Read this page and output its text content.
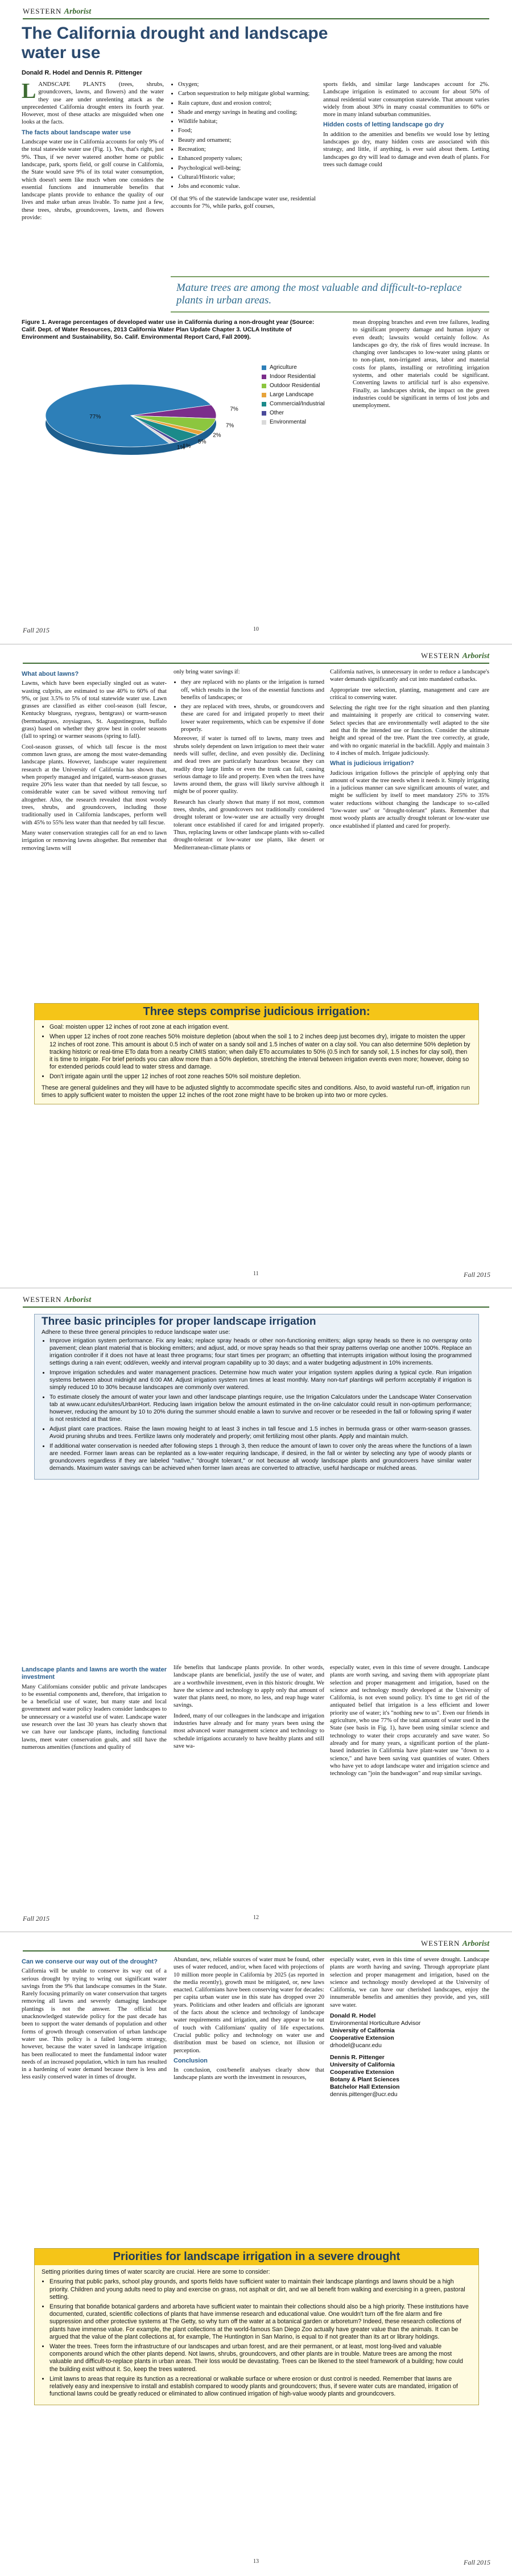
WESTERN Arborist
The California drought and landscape water use
Donald R. Hodel and Dennis R. Pittenger

LANDSCAPE PLANTS (trees, shrubs, groundcovers, lawns, and flowers) and the water they use are under unrelenting attack as the unprecedented California drought enters its fourth year. However, most of these attacks are misguided when one looks at the facts.

The facts about landscape water use

Landscape water use in California accounts for only 9% of the total statewide water use (Fig. 1). Yes, that's right, just 9%. Thus, if we never watered another home or public landscape, park, sports field, or golf course in California, the State would save 9% of its total water consumption, which doesn't seem like much when one considers the essential functions and innumerable benefits that landscape plants provide to enhance the quality of our lives and make urban areas livable. To name just a few, these trees, shrubs, groundcovers, lawns, and flowers provide:

• Oxygen;
• Carbon sequestration to help mitigate global warming;
• Rain capture, dust and erosion control;
• Shade and energy savings in heating and cooling;
• Wildlife habitat;
• Food;
• Beauty and ornament;
• Recreation;
• Enhanced property values;
• Psychological well-being;
• Cultural/Historic value;
• Jobs and economic value.

Of that 9% of the statewide landscape water use, residential accounts for 7%, while parks, golf courses,

sports fields, and similar large landscapes account for 2%. Landscape irrigation is estimated to account for about 50% of annual residential water consumption statewide. That amount varies widely from about 30% in many coastal communities to 60% or more in many inland suburban communities.

Hidden costs of letting landscape go dry

In addition to the amenities and benefits we would lose by letting landscapes go dry, many hidden costs are associated with this strategy, and little, if anything, is ever said about them. Letting landscapes go dry will lead to damage and even death of plants. For trees such damage could

Mature trees are among the most valuable and difficult-to-replace plants in urban areas.
Figure 1. Average percentages of developed water use in California during a non-drought year (Source: Calif. Dept. of Water Resources, 2013 California Water Plan Update Chapter 3. UCLA Institute of Environment and Sustainability, So. Calif. Environmental Report Card, Fall 2009).
77%
7%
7%
2%
5%
1%
1%
Agriculture
Indoor Residential
Outdoor Residential
Large Landscape
Commercial/Industrial
Other
Environmental

mean dropping branches and even tree failures, leading to significant property damage and human injury or even death; lawsuits would certainly follow. As landscapes go dry, the risk of fires would increase. In changing over landscapes to low-water using plants or to non-plant, non-irrigated areas, labor and material costs for plants, installing or retrofitting irrigation systems, and other materials could be significant. Converting lawns to artificial turf is also expensive. Finally, as landscapes shrink, the impact on the green industries could be significant in terms of lost jobs and unemployment.

Fall 2015	10
WESTERN Arborist
What about lawns?

Lawns, which have been especially singled out as water-wasting culprits, are estimated to use 40% to 60% of that 9%, or just 3.5% to 5% of total statewide water use. Lawn grasses are classified as either cool-season (tall fescue, Kentucky bluegrass, ryegrass, bentgrass) or warm-season (bermudagrass, zoysiagrass, St. Augustinegrass, buffalo grass) based on whether they grow best in cooler seasons (fall to spring) or warmer seasons (spring to fall).

Cool-season grasses, of which tall fescue is the most common lawn grass, are among the most water-demanding landscape plants. However, landscape water requirement research at the University of California has shown that, when properly managed and irrigated, warm-season grasses require 20% less water than that needed by tall fescue, so considerable water can be saved without removing turf altogether. Also, the research revealed that most woody trees, shrubs, and groundcovers, including those traditionally used in California landscapes, perform well with 45% to 55% less water than that needed by tall fescue.

Many water conservation strategies call for an end to lawn irrigation or removing lawns altogether. But remember that removing lawns will

only bring water savings if:

• they are replaced with no plants or the irrigation is turned off, which results in the loss of the essential functions and benefits of landscapes; or
• they are replaced with trees, shrubs, or groundcovers and these are cared for and irrigated properly to meet their lower water requirements, which can be expensive if done properly.

Moreover, if water is turned off to lawns, many trees and shrubs solely dependent on lawn irrigation to meet their water needs will suffer, decline, and even possibly die. Declining and dead trees are particularly hazardous because they can readily drop large limbs or even the trunk can fail, causing serious damage to life and property. Even when the trees have lawns around them, the grass will likely survive although it might be of poorer quality.

Research has clearly shown that many if not most, common trees, shrubs, and groundcovers not traditionally considered drought tolerant or low-water use are actually very drought tolerant once established if cared for and irrigated properly. Thus, replacing lawns or other landscape plants with so-called drought-tolerant or low-water use plants, like desert or Mediterranean-climate plants or

California natives, is unnecessary in order to reduce a landscape's water demands significantly and cut into mandated cutbacks.

Appropriate tree selection, planting, management and care are critical to conserving water.

Selecting the right tree for the right situation and then planting and maintaining it properly are critical to conserving water. Select species that are environmentally well adapted to the site and that fit the intended use or function. Consider the ultimate height and spread of the tree. Plant the tree correctly, at grade, and with no organic material in the backfill. Apply and maintain 3 to 4 inches of mulch. Irrigate judiciously.

What is judicious irrigation?

Judicious irrigation follows the principle of applying only that amount of water the tree needs when it needs it. Simply irrigating in a judicious manner can save significant amounts of water, and might be sufficient by itself to meet mandatory 25% to 35% water reductions without changing the landscape to so-called "low-water use" or "drought-tolerant" plants. Remember that most woody plants are actually drought tolerant or low-water use once established if planted and cared for properly.

Three steps comprise judicious irrigation:
• Goal: moisten upper 12 inches of root zone at each irrigation event.
• When upper 12 inches of root zone reaches 50% moisture depletion (about when the soil 1 to 2 inches deep just becomes dry), irrigate to moisten the upper 12 inches of root zone. This amount is about 0.5 inch of water on a sandy soil and 1.5 inches of water on a clay soil. You can also determine 50% depletion by tracking historic or real-time ETo data from a nearby CIMIS station; when daily ETo accumulates to 50% (0.5 inch for sandy soil, 1.5 inches for clay soil), then it is time to irrigate. For brief periods you can allow more than a 50% depletion, stretching the interval between irrigation events even more; however, doing so for extended periods could lead to water stress and damage.
• Don't irrigate again until the upper 12 inches of root zone reaches 50% soil moisture depletion.

These are general guidelines and they will have to be adjusted slightly to accommodate specific sites and conditions. Also, to avoid wasteful run-off, irrigation run times to apply sufficient water to moisten the upper 12 inches of the root zone might have to be broken up into two or more cycles.

11	Fall 2015
WESTERN Arborist
Three basic principles for proper landscape irrigation
Adhere to these three general principles to reduce landscape water use:
• Improve irrigation system performance. Fix any leaks; replace spray heads or other non-functioning emitters; align spray heads so there is no overspray onto pavement; clean plant material that is blocking emitters; and adjust, add, or move spray heads so that their spray patterns overlap one another 100%. Replace an irrigation controller if it does not have at least three programs; four start times per program; an offsetting that interrupts irrigation without losing the programmed settings during a rain event; odd/even, weekly and interval program capability up to 30 days; and a water budgeting adjustment in 10% increments.
• Improve irrigation schedules and water management practices. Determine how much water your irrigation system applies during a typical cycle. Run irrigation systems between about midnight and 6:00 AM. Adjust irrigation system run times at least monthly. Many non-turf plantings will perform acceptably if irrigation is simply reduced 10 to 30% because landscapes are commonly over watered.
• To estimate closely the amount of water your lawn and other landscape plantings require, use the Irrigation Calculators under the Landscape Water Conservation tab at www.ucanr.edu/sites/UrbanHort. Reducing lawn irrigation below the amount estimated in the on-line calculator could result in non-optimum performance; however, reducing the amount by 10 to 20% during the summer should enable a lawn to survive and recover or be reseeded in the fall or following spring if water is not restricted at that time.
• Adjust plant care practices. Raise the lawn mowing height to at least 3 inches in tall fescue and 1.5 inches in bermuda grass or other warm-season grasses. Avoid pruning shrubs and trees. Fertilize lawns only moderately and properly; omit fertilizing most other plants. Apply and maintain mulch.
• If additional water conservation is needed after following steps 1 through 3, then reduce the amount of lawn to cover only the areas where the functions of a lawn are needed. Former lawn areas can be replanted as a low-water requiring landscape, if desired, in the fall or winter by selecting any type of woody plants or groundcovers regardless if they are labeled "native," "drought tolerant," or not because all woody landscape plants and groundcovers have similar water demands. Maximum water savings can be achieved when former lawn areas are converted to attractive, useful hardscape or mulched areas.
Landscape plants and lawns are worth the water investment

Many Californians consider public and private landscapes to be essential components and, therefore, that irrigation to be a beneficial use of water, but many state and local government and water policy leaders consider landscapes to be unnecessary or a wasteful use of water. Landscape water use research over the last 30 years has clearly shown that we can have our landscape plants, including functional lawns, meet water conservation goals, and still have the numerous amenities (functions and quality of

life benefits that landscape plants provide. In other words, landscape plants are beneficial, justify the use of water, and are a worthwhile investment, even in this historic drought. We have the science and technology to apply only that amount of water that plants need, no more, no less, and reap huge water savings.

Indeed, many of our colleagues in the landscape and irrigation industries have already and for many years been using the most advanced water management science and technology to schedule irrigations accurately to have healthy plants and still save wa-

especially water, even in this time of severe drought. Landscape plants are worth saving, and saving them with appropriate plant selection and proper management and irrigation, based on the science and technology mostly developed at the University of California, is not even sound policy. It's time to get rid of the antiquated belief that irrigation is a less efficient and lower priority use of water; it's "nothing new to us". Even our friends in agriculture, who use 77% of the total amount of water used in the State (see basis in Fig. 1), have been using similar science and technology to water their crops accurately and save water. So already and for many years, a significant portion of the plant-based industries in California have plant-water use "down to a science," and have been saving vast quantities of water. Others who have yet to adopt landscape water and irrigation science and technology can "join the bandwagon" and reap similar savings.

Fall 2015	12
WESTERN Arborist
Can we conserve our way out of the drought?

California will be unable to conserve its way out of a serious drought by trying to wring out significant water savings from the 9% that landscape consumes in the State. Rarely focusing primarily on water conservation that targets removing all lawns and severely damaging landscape plantings is not the answer. The official but unacknowledged statewide policy for the past decade has been to support the water demands of population and other forms of growth through conservation of urban landscape water use. This policy is a failed long-term strategy, however, because the water saved in landscape irrigation has been reallocated to meet the fundamental indoor water needs of an increased population, which in turn has resulted in a hardening of water demand because there is less and less easily conserved water in times of drought.

Abundant, new, reliable sources of water must be found, other uses of water reduced, and/or, when faced with projections of 10 million more people in California by 2025 (as reported in the media recently), growth must be mitigated, or, new laws enacted. Californians have been conserving water for decades: per capita urban water use in this state has dropped over 20 years. Politicians and other leaders and officials are ignorant of the facts about the science and technology of landscape water requirements and irrigation, and they appear to be out of touch with Californians' quality of life expectations. Crucial public policy and technology on water use and distribution must be based on science, not illusion or perception.

Conclusion

In conclusion, cost/benefit analyses clearly show that landscape plants are worth the investment in resources,

especially water, even in this time of severe drought. Landscape plants are worth having and saving. Through appropriate plant selection and proper management and irrigation, based on the science and technology mostly developed at the University of California, we can have our cherished landscapes, enjoy the innumerable benefits and amenities they provide, and yes, still save water.

Donald R. Hodel
Environmental Horticulture Advisor
University of California
Cooperative Extension
drhodel@ucanr.edu
Dennis R. Pittenger
University of California
Cooperative Extension
Botany & Plant Sciences
Batchelor Hall Extension
dennis.pittenger@ucr.edu
Priorities for landscape irrigation in a severe drought
Setting priorities during times of water scarcity are crucial. Here are some to consider:
• Ensuring that public parks, school play grounds, and sports fields have sufficient water to maintain their landscape plantings and lawns should be a high priority. Children and young adults need to play and exercise on grass, not asphalt or dirt, and we all benefit from walking and exercising in a green, pastoral setting.
• Ensuring that bonafide botanical gardens and arboreta have sufficient water to maintain their collections should also be a high priority. These institutions have documented, curated, scientific collections of plants that have immense research and educational value. One wouldn't turn off the fire alarm and fire suppression and other protective systems at The Getty, so why turn off the water at a botanical garden or arboretum? Indeed, these research collections of plants have immense value. For example, the plant collections at the world-famous San Diego Zoo actually have greater value than the animals. It can be argued that the value of the plant collections at, for example, The Huntington in San Marino, is equal to if not greater than its art or library holdings.
• Water the trees. Trees form the infrastructure of our landscapes and urban forest, and are their permanent, or at least, most long-lived and valuable components around which the other plants depend. Not lawns, shrubs, groundcovers, and other plants are in trouble. Mature trees are among the most valuable and difficult-to-replace plants in urban areas. Their loss would be devastating. Trees can be likened to the steel framework of a building; how could the building exist without it. So, keep the trees watered.
• Limit lawns to areas that require its function as a recreational or walkable surface or where erosion or dust control is needed. Remember that lawns are relatively easy and inexpensive to install and establish compared to woody plants and groundcovers; thus, if severe water cuts are mandated, irrigation of functional lawns could be greatly reduced or eliminated to allow continued irrigation of high-value woody plants and groundcovers.
13	Fall 2015
